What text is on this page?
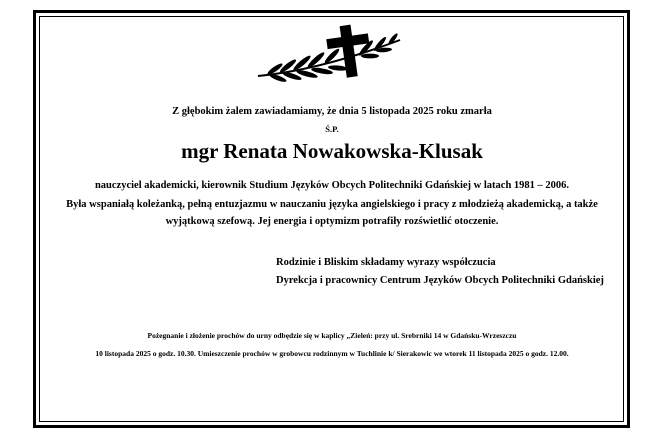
Z głębokim żalem zawiadamiamy, że dnia 5 listopada 2025 roku zmarła
Ś.P.
mgr Renata Nowakowska-Klusak
nauczyciel akademicki, kierownik Studium Języków Obcych Politechniki Gdańskiej w latach 1981 – 2006.
Była wspaniałą koleżanką, pełną entuzjazmu w nauczaniu języka angielskiego i pracy z młodzieżą akademicką, a także
wyjątkową szefową. Jej energia i optymizm potrafiły rozświetlić otoczenie.
Rodzinie i Bliskim składamy wyrazy współczucia
Dyrekcja i pracownicy Centrum Języków Obcych Politechniki Gdańskiej
Pożegnanie i złożenie prochów do urny odbędzie się w kaplicy „Zieleń: przy ul. Srebrniki 14 w Gdańsku-Wrzeszczu
10 listopada 2025 o godz. 10.30. Umieszczenie prochów w grobowcu rodzinnym w Tuchlinie k/ Sierakowic we wtorek 11 listopada 2025 o godz. 12.00.
